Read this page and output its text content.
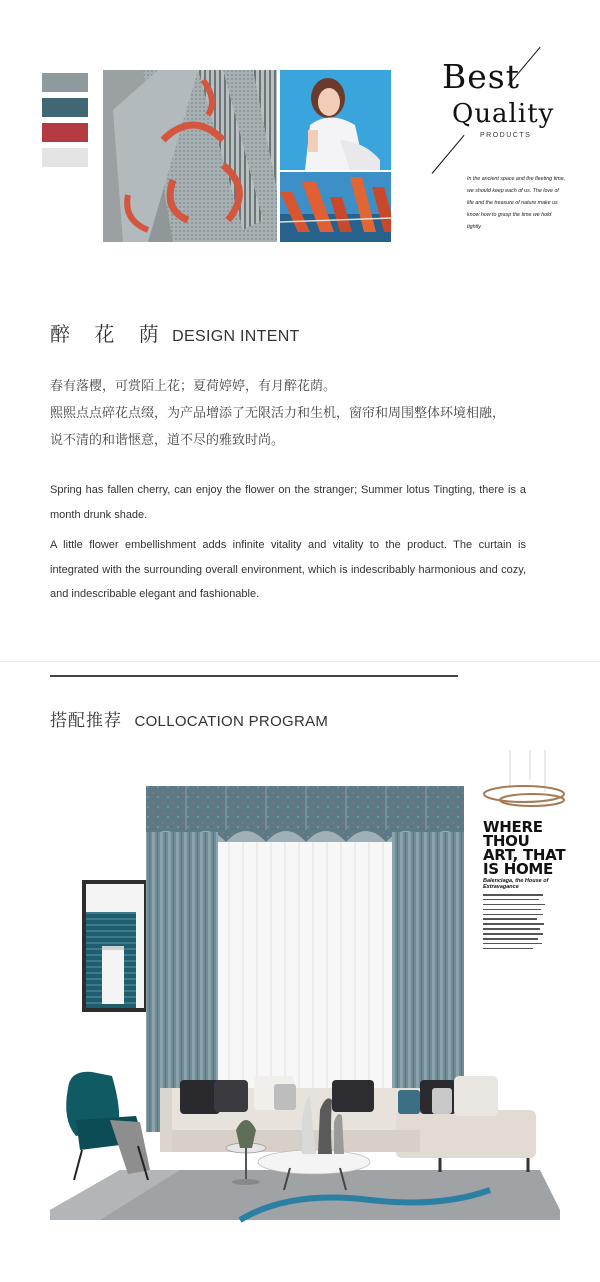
Best
Quality
PRODUCTS
In the ancient space and the fleeting time, we should keep each of us. The love of life and the treasure of nature make us know how to grasp the time we hold tightly.
醉 花 荫 DESIGN INTENT
春有落樱，可赏陌上花；夏荷婷婷，有月醉花荫。
熙熙点点碎花点缀，为产品增添了无限活力和生机，窗帘和周围整体环境相融，
说不清的和谐惬意，道不尽的雅致时尚。

Spring has fallen cherry, can enjoy the flower on the stranger; Summer lotus Tingting, there is a month drunk shade.

A little flower embellishment adds infinite vitality and vitality to the product. The curtain is integrated with the surrounding overall environment, which is indescribably harmonious and cozy, and indescribable elegant and fashionable.

搭配推荐 COLLOCATION PROGRAM
WHERE
THOU
ART, THAT
IS HOME
Balenciaga, the House of Extravagance
